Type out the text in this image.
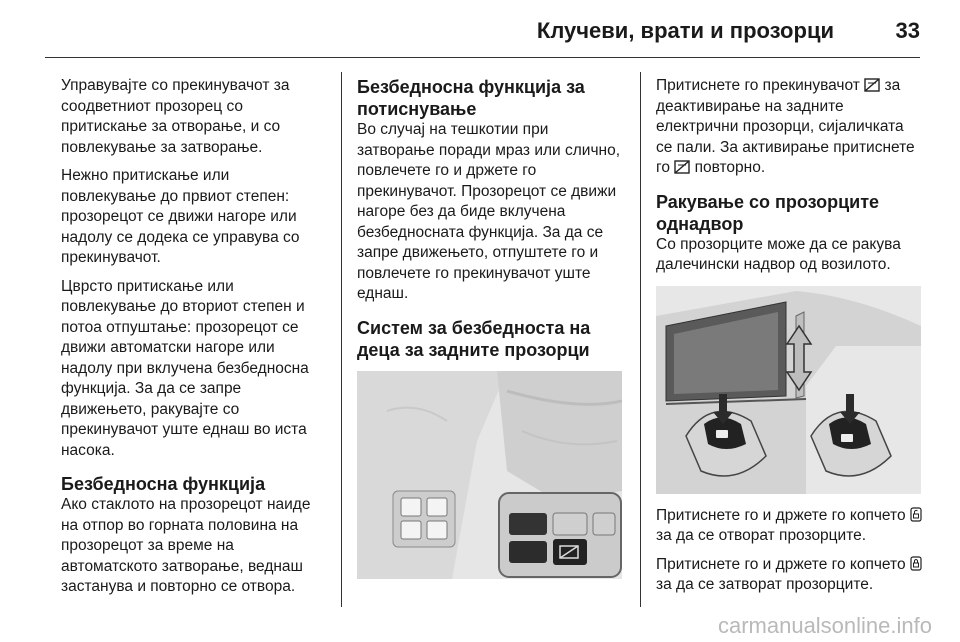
Клучеви, врати и прозорци	33

Управувајте со прекинувачот за соодветниот прозорец со притискање за отворање, и со повлекување за затворање.

Нежно притискање или повлекување до првиот степен: прозорецот се движи нагоре или надолу се додека се управува со прекинувачот.

Цврсто притискање или повлекување до вториот степен и потоа отпуштање: прозорецот се движи автоматски нагоре или надолу при вклучена безбедносна функција. За да се запре движењето, ракувајте со прекинувачот уште еднаш во иста насока.

Безбедносна функција

Ако стаклото на прозорецот наиде на отпор во горната половина на прозорецот за време на автоматското затворање, веднаш застанува и повторно се отвора.

Безбедносна функција за потиснување

Во случај на тешкотии при затворање поради мраз или слично, повлечете го и држете го прекинувачот. Прозорецот се движи нагоре без да биде вклучена безбедносната функција. За да се запре движењето, отпуштете го и повлечете го прекинувачот уште еднаш.

Систем за безбедноста на деца за задните прозорци

Притиснете го прекинувачот за деактивирање на задните електрични прозорци, сијаличката се пали. За активирање притиснете го повторно.

Ракување со прозорците однадвор

Со прозорците може да се ракува далечински надвор од возилото.

Притиснете го и држете го копчето  за да се отворат прозорците.

Притиснете го и држете го копчето  за да се затворат прозорците.

carmanualsonline.info
